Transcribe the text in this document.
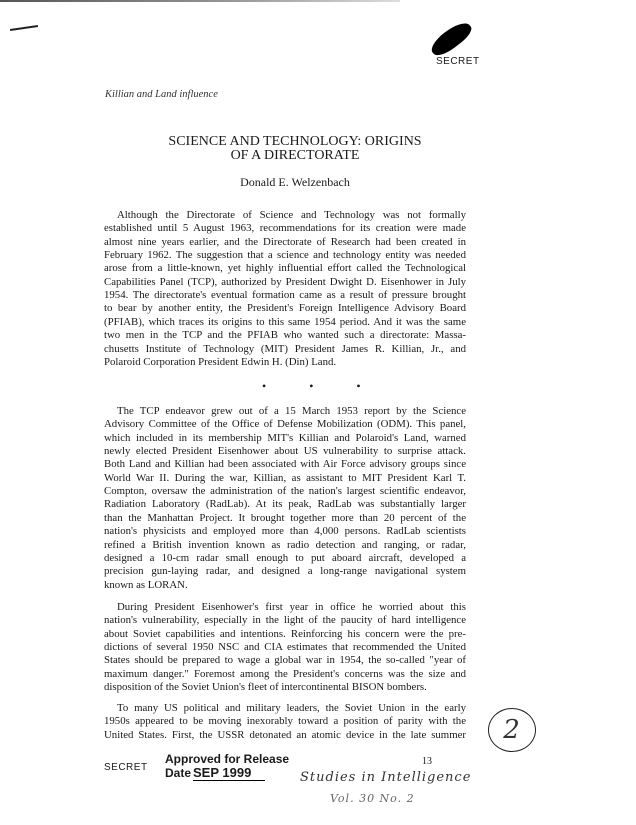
SECRET
Killian and Land influence
SCIENCE AND TECHNOLOGY: ORIGINS
OF A DIRECTORATE
Donald E. Welzenbach
Although the Directorate of Science and Technology was not formally
established until 5 August 1963, recommendations for its creation were made
almost nine years earlier, and the Directorate of Research had been created in
February 1962. The suggestion that a science and technology entity was needed
arose from a little-known, yet highly influential effort called the Technological
Capabilities Panel (TCP), authorized by President Dwight D. Eisenhower in July
1954. The directorate's eventual formation came as a result of pressure brought
to bear by another entity, the President's Foreign Intelligence Advisory Board
(PFIAB), which traces its origins to this same 1954 period. And it was the same
two men in the TCP and the PFIAB who wanted such a directorate: Massa-
chusetts Institute of Technology (MIT) President James R. Killian, Jr., and
Polaroid Corporation President Edwin H. (Din) Land.
The TCP endeavor grew out of a 15 March 1953 report by the Science
Advisory Committee of the Office of Defense Mobilization (ODM). This panel,
which included in its membership MIT's Killian and Polaroid's Land, warned
newly elected President Eisenhower about US vulnerability to surprise attack.
Both Land and Killian had been associated with Air Force advisory groups since
World War II. During the war, Killian, as assistant to MIT President Karl T.
Compton, oversaw the administration of the nation's largest scientific endeavor,
Radiation Laboratory (RadLab). At its peak, RadLab was substantially larger
than the Manhattan Project. It brought together more than 20 percent of the
nation's physicists and employed more than 4,000 persons. RadLab scientists
refined a British invention known as radio detection and ranging, or radar,
designed a 10-cm radar small enough to put aboard aircraft, developed a
precision gun-laying radar, and designed a long-range navigational system
known as LORAN.
During President Eisenhower's first year in office he worried about this
nation's vulnerability, especially in the light of the paucity of hard intelligence
about Soviet capabilities and intentions. Reinforcing his concern were the pre-
dictions of several 1950 NSC and CIA estimates that recommended the United
States should be prepared to wage a global war in 1954, the so-called "year of
maximum danger." Foremost among the President's concerns was the size and
disposition of the Soviet Union's fleet of intercontinental BISON bombers.
To many US political and military leaders, the Soviet Union in the early
1950s appeared to be moving inexorably toward a position of parity with the
United States. First, the USSR detonated an atomic device in the late summer
• • •
SECRET
Approved for Release
Date SEP 1999
13
Studies in Intelligence
Vol. 30 No. 2
2
